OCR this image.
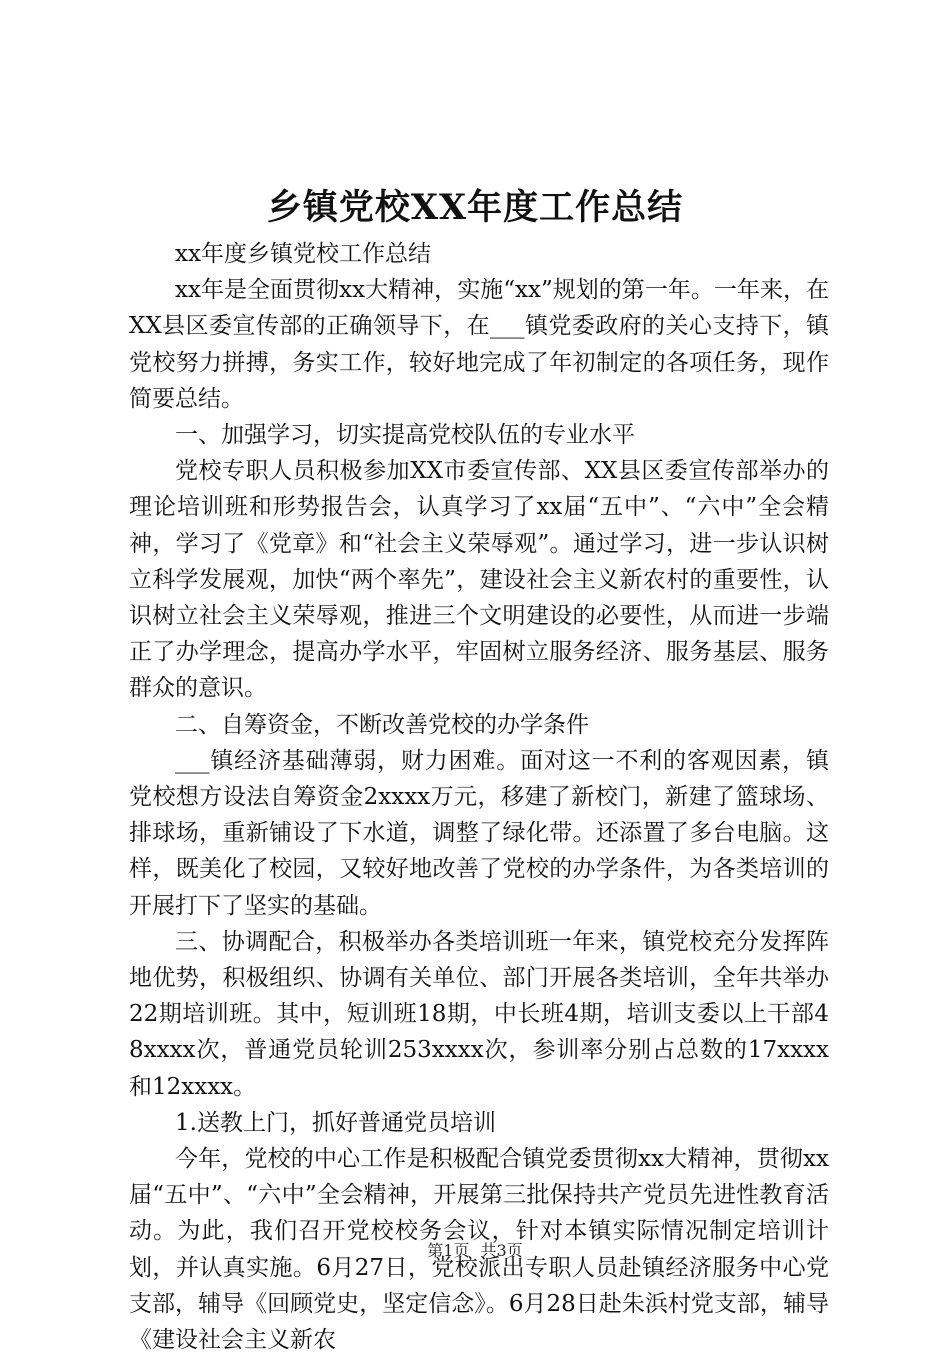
乡镇党校XX年度工作总结

xx年度乡镇党校工作总结

xx年是全面贯彻xx大精神，实施“xx”规划的第一年。一年来，在XX县区委宣传部的正确领导下，在___镇党委政府的关心支持下，镇党校努力拼搏，务实工作，较好地完成了年初制定的各项任务，现作简要总结。

一、加强学习，切实提高党校队伍的专业水平

党校专职人员积极参加XX市委宣传部、XX县区委宣传部举办的理论培训班和形势报告会，认真学习了xx届“五中”、“六中”全会精神，学习了《党章》和“社会主义荣辱观”。通过学习，进一步认识树立科学发展观，加快“两个率先”，建设社会主义新农村的重要性，认识树立社会主义荣辱观，推进三个文明建设的必要性，从而进一步端正了办学理念，提高办学水平，牢固树立服务经济、服务基层、服务群众的意识。

二、自筹资金，不断改善党校的办学条件

___镇经济基础薄弱，财力困难。面对这一不利的客观因素，镇党校想方设法自筹资金2xxxx万元，移建了新校门，新建了篮球场、排球场，重新铺设了下水道，调整了绿化带。还添置了多台电脑。这样，既美化了校园，又较好地改善了党校的办学条件，为各类培训的开展打下了坚实的基础。

三、协调配合，积极举办各类培训班一年来，镇党校充分发挥阵地优势，积极组织、协调有关单位、部门开展各类培训，全年共举办22期培训班。其中，短训班18期，中长班4期，培训支委以上干部48xxxx次，普通党员轮训253xxxx次，参训率分别占总数的17xxxx和12xxxx。

1.送教上门，抓好普通党员培训

今年，党校的中心工作是积极配合镇党委贯彻xx大精神，贯彻xx届“五中”、“六中”全会精神，开展第三批保持共产党员先进性教育活动。为此，我们召开党校校务会议，针对本镇实际情况制定培训计划，并认真实施。6月27日，党校派出专职人员赴镇经济服务中心党支部，辅导《回顾党史，坚定信念》。6月28日赴朱浜村党支部，辅导《建设社会主义新农

第1页 共3页
